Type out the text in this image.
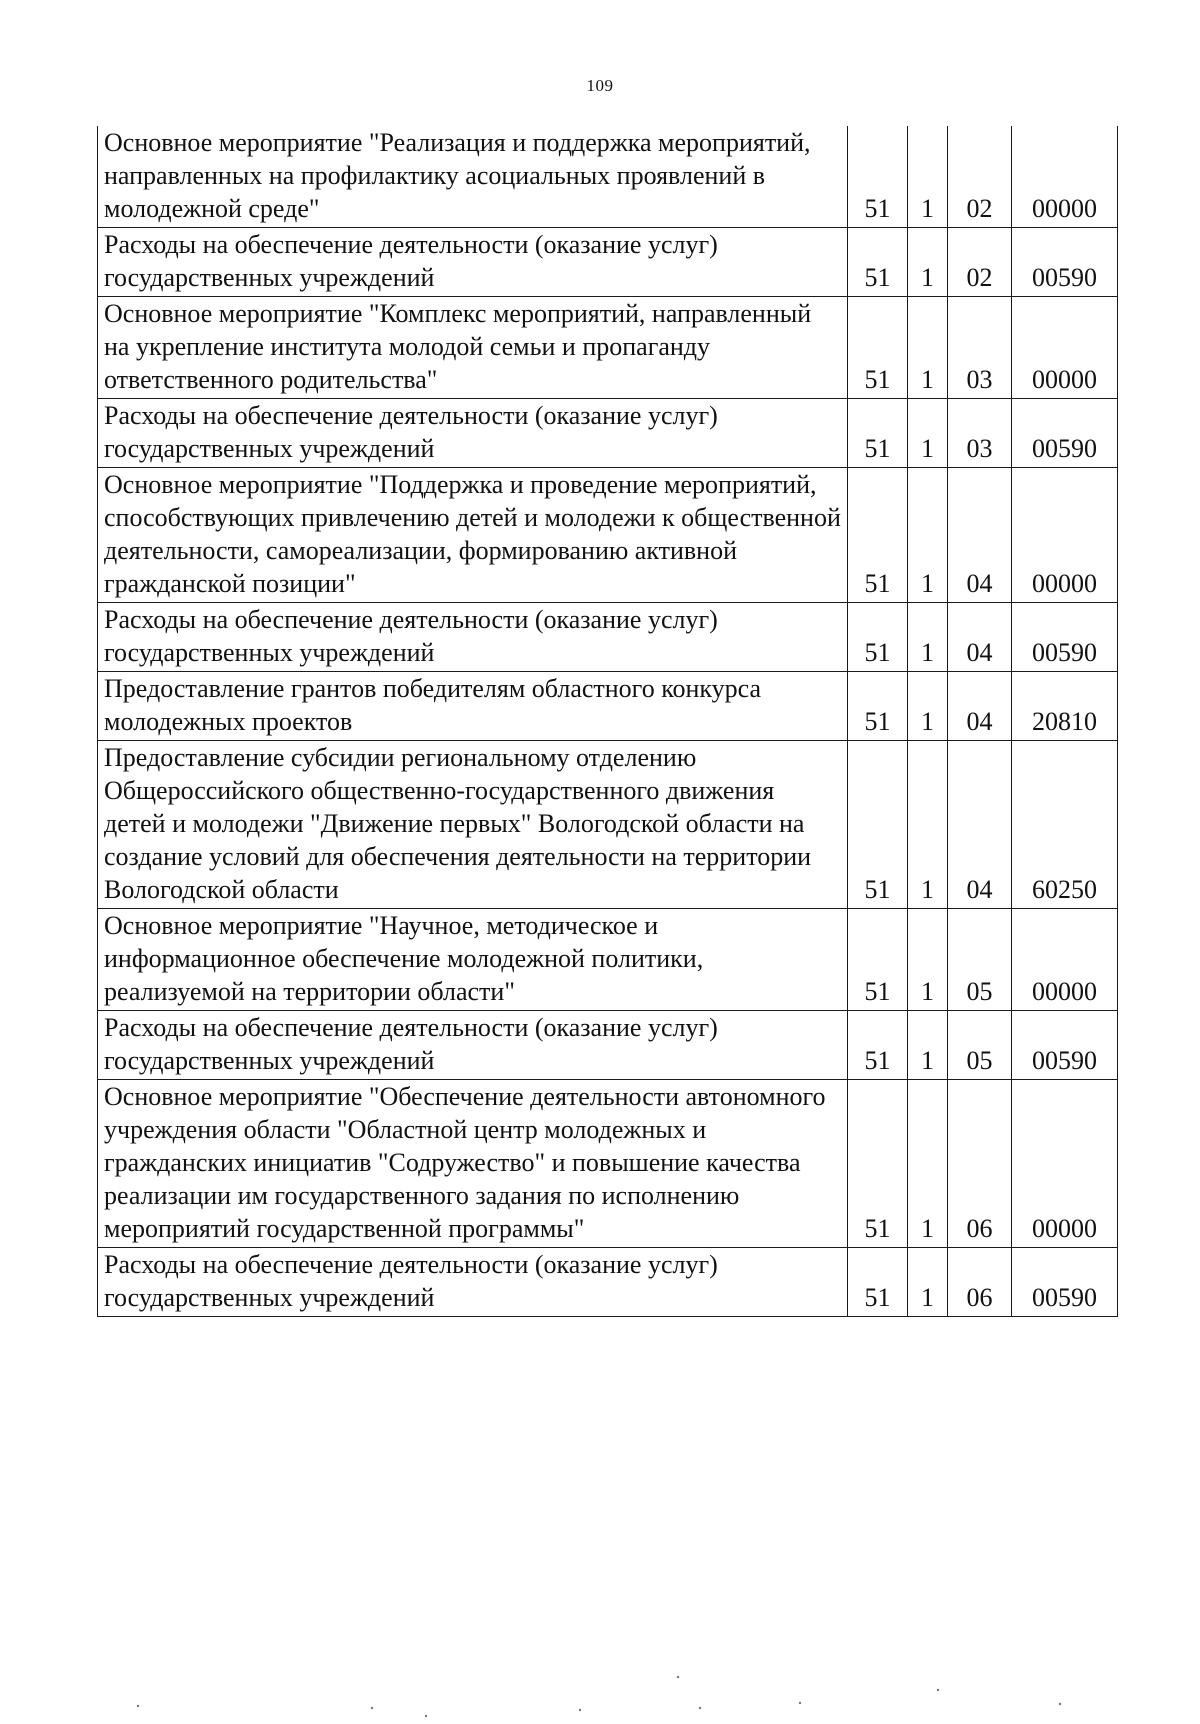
109
Основное мероприятие "Реализация и поддержка мероприятий, направленных на профилактику асоциальных проявлений в молодежной среде"	51	1	02	00000
Расходы на обеспечение деятельности (оказание услуг) государственных учреждений	51	1	02	00590
Основное мероприятие "Комплекс мероприятий, направленный на укрепление института молодой семьи и пропаганду ответственного родительства"	51	1	03	00000
Расходы на обеспечение деятельности (оказание услуг) государственных учреждений	51	1	03	00590
Основное мероприятие "Поддержка и проведение мероприятий, способствующих привлечению детей и молодежи к общественной деятельности, самореализации, формированию активной гражданской позиции"	51	1	04	00000
Расходы на обеспечение деятельности (оказание услуг) государственных учреждений	51	1	04	00590
Предоставление грантов победителям областного конкурса молодежных проектов	51	1	04	20810
Предоставление субсидии региональному отделению Общероссийского общественно-государственного движения детей и молодежи "Движение первых" Вологодской области на создание условий для обеспечения деятельности на территории Вологодской области	51	1	04	60250
Основное мероприятие "Научное, методическое и информационное обеспечение молодежной политики, реализуемой на территории области"	51	1	05	00000
Расходы на обеспечение деятельности (оказание услуг) государственных учреждений	51	1	05	00590
Основное мероприятие "Обеспечение деятельности автономного учреждения области "Областной центр молодежных и гражданских инициатив "Содружество" и повышение качества реализации им государственного задания по исполнению мероприятий государственной программы"	51	1	06	00000
Расходы на обеспечение деятельности (оказание услуг) государственных учреждений	51	1	06	00590
